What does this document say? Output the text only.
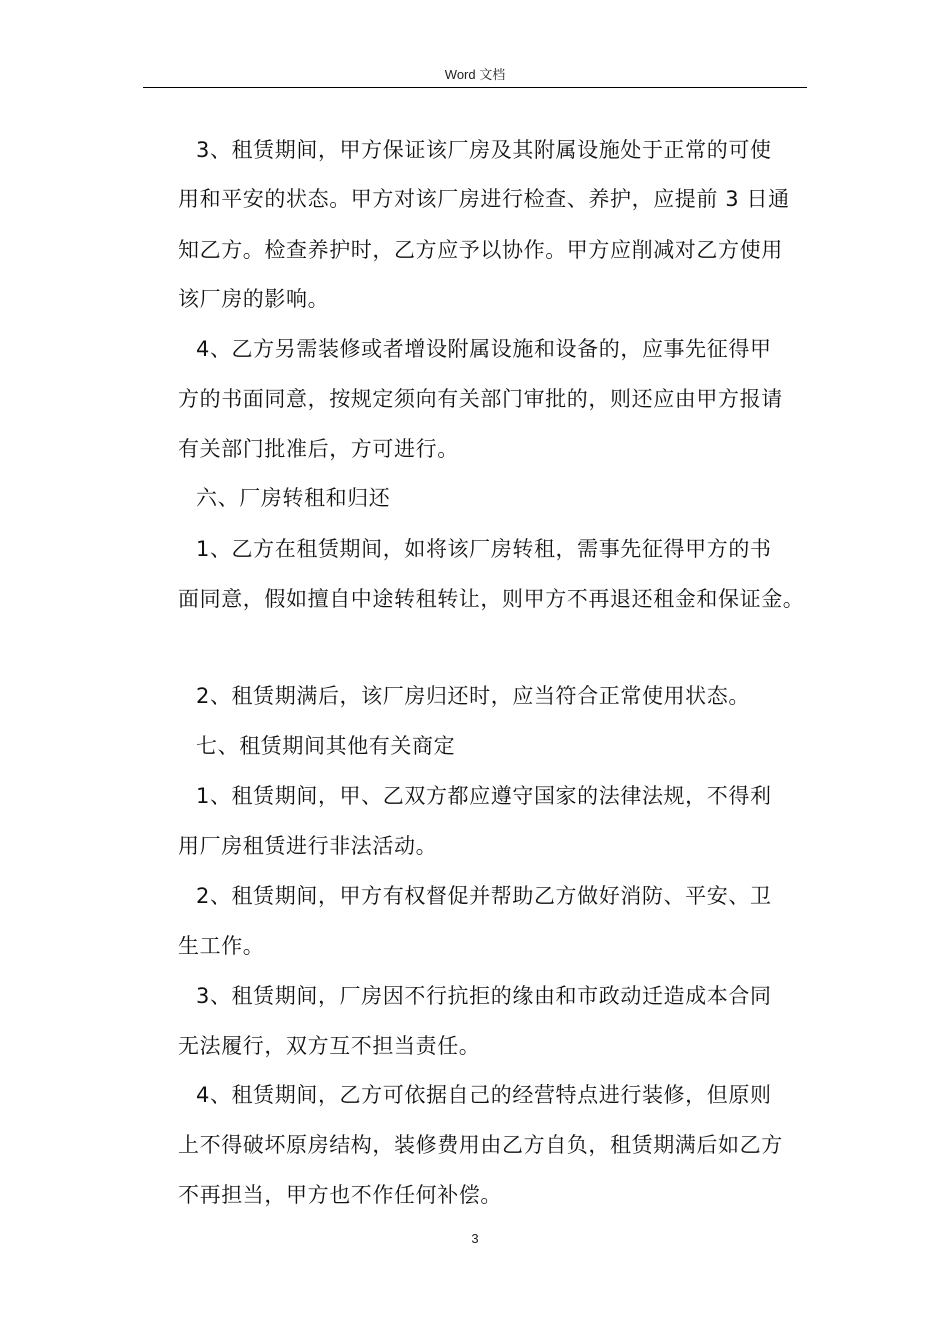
Word 文档
3、租赁期间，甲方保证该厂房及其附属设施处于正常的可使
用和平安的状态。甲方对该厂房进行检查、养护，应提前 3 日通
知乙方。检查养护时，乙方应予以协作。甲方应削减对乙方使用
该厂房的影响。
4、乙方另需装修或者增设附属设施和设备的，应事先征得甲
方的书面同意，按规定须向有关部门审批的，则还应由甲方报请
有关部门批准后，方可进行。
六、厂房转租和归还
1、乙方在租赁期间，如将该厂房转租，需事先征得甲方的书
面同意，假如擅自中途转租转让，则甲方不再退还租金和保证金。
2、租赁期满后，该厂房归还时，应当符合正常使用状态。
七、租赁期间其他有关商定
1、租赁期间，甲、乙双方都应遵守国家的法律法规，不得利
用厂房租赁进行非法活动。
2、租赁期间，甲方有权督促并帮助乙方做好消防、平安、卫
生工作。
3、租赁期间，厂房因不行抗拒的缘由和市政动迁造成本合同
无法履行，双方互不担当责任。
4、租赁期间，乙方可依据自己的经营特点进行装修，但原则
上不得破坏原房结构，装修费用由乙方自负，租赁期满后如乙方
不再担当，甲方也不作任何补偿。
3
